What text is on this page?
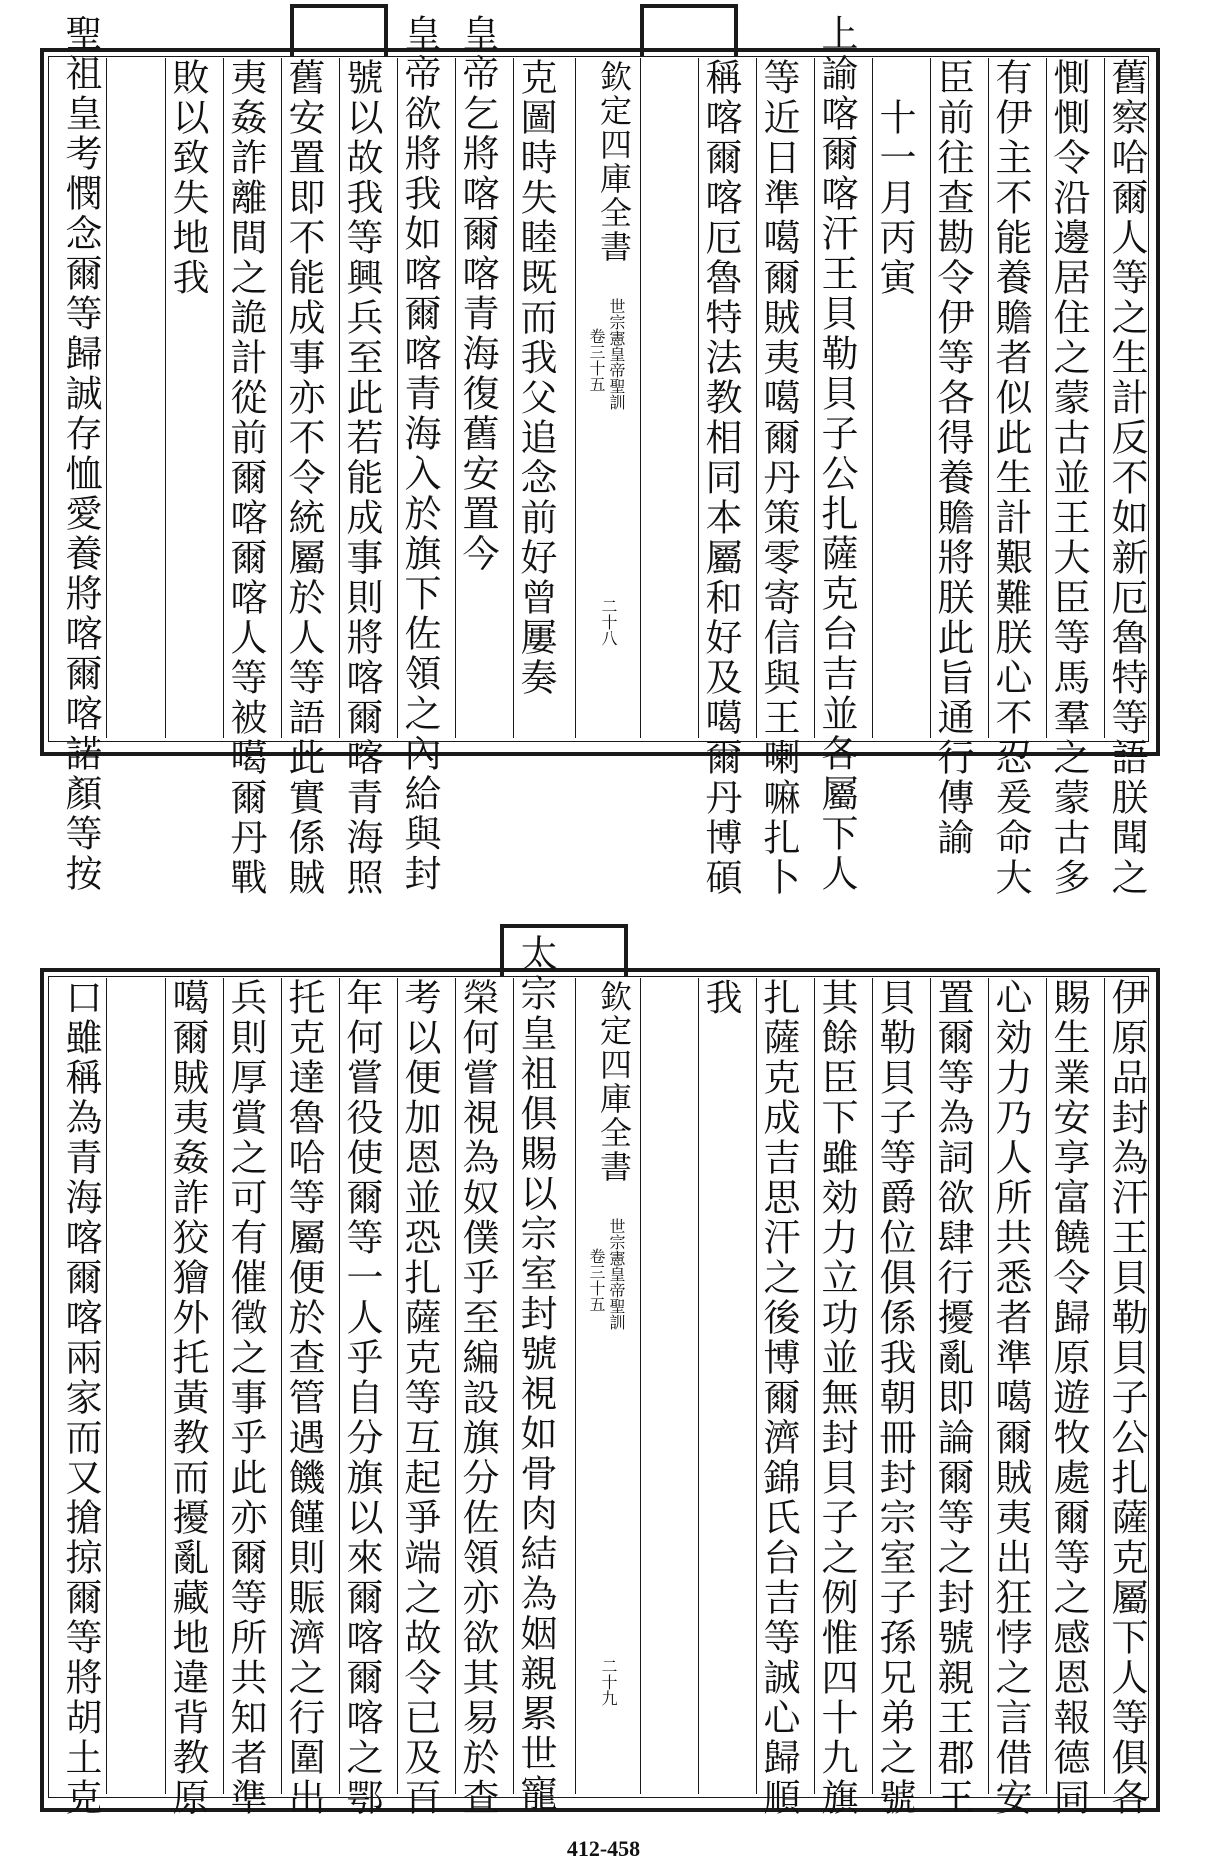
舊察哈爾人等之生計反不如新厄魯特等語朕聞之
惻惻令沿邊居住之蒙古並王大臣等馬羣之蒙古多
有伊主不能養贍者似此生計艱難朕心不忍爰命大
臣前往查勘令伊等各得養贍將朕此旨通行傳諭
　十一月丙寅
上諭喀爾喀汗王貝勒貝子公扎薩克台吉並各屬下人
等近日準噶爾賊夷噶爾丹策零寄信與王喇嘛扎卜
稱喀爾喀厄魯特法教相同本屬和好及噶爾丹博碩
欽定四庫全書
世宗憲皇帝聖訓
卷三十五
二十八
克圖時失睦既而我父追念前好曾屢奏
皇帝乞將喀爾喀青海復舊安置今
皇帝欲將我如喀爾喀青海入於旗下佐領之內給與封
號以故我等興兵至此若能成事則將喀爾喀青海照
舊安置即不能成事亦不令統屬於人等語此實係賊
夷姦詐離間之詭計從前爾喀爾喀人等被噶爾丹戰
敗以致失地我
聖祖皇考憫念爾等歸誠存恤愛養將喀爾喀諾顏等按
伊原品封為汗王貝勒貝子公扎薩克屬下人等俱各
賜生業安享富饒令歸原遊牧處爾等之感恩報德同
心効力乃人所共悉者準噶爾賊夷出狂悖之言借安
置爾等為詞欲肆行擾亂即論爾等之封號親王郡王
貝勒貝子等爵位俱係我朝冊封宗室子孫兄弟之號
其餘臣下雖効力立功並無封貝子之例惟四十九旗
扎薩克成吉思汗之後博爾濟錦氏台吉等誠心歸順
我
欽定四庫全書
世宗憲皇帝聖訓
卷三十五
二十九
太宗皇祖俱賜以宗室封號視如骨肉結為姻親累世寵
榮何嘗視為奴僕乎至編設旗分佐領亦欲其易於查
考以便加恩並恐扎薩克等互起爭端之故令已及百
年何嘗役使爾等一人乎自分旗以來爾喀爾喀之鄂
托克達魯哈等屬便於查管遇饑饉則賑濟之行圍出
兵則厚賞之可有催徵之事乎此亦爾等所共知者準
噶爾賊夷姦詐狡獪外托黃教而擾亂藏地違背教原
口雖稱為青海喀爾喀兩家而又搶掠爾等將胡土克
412-458
